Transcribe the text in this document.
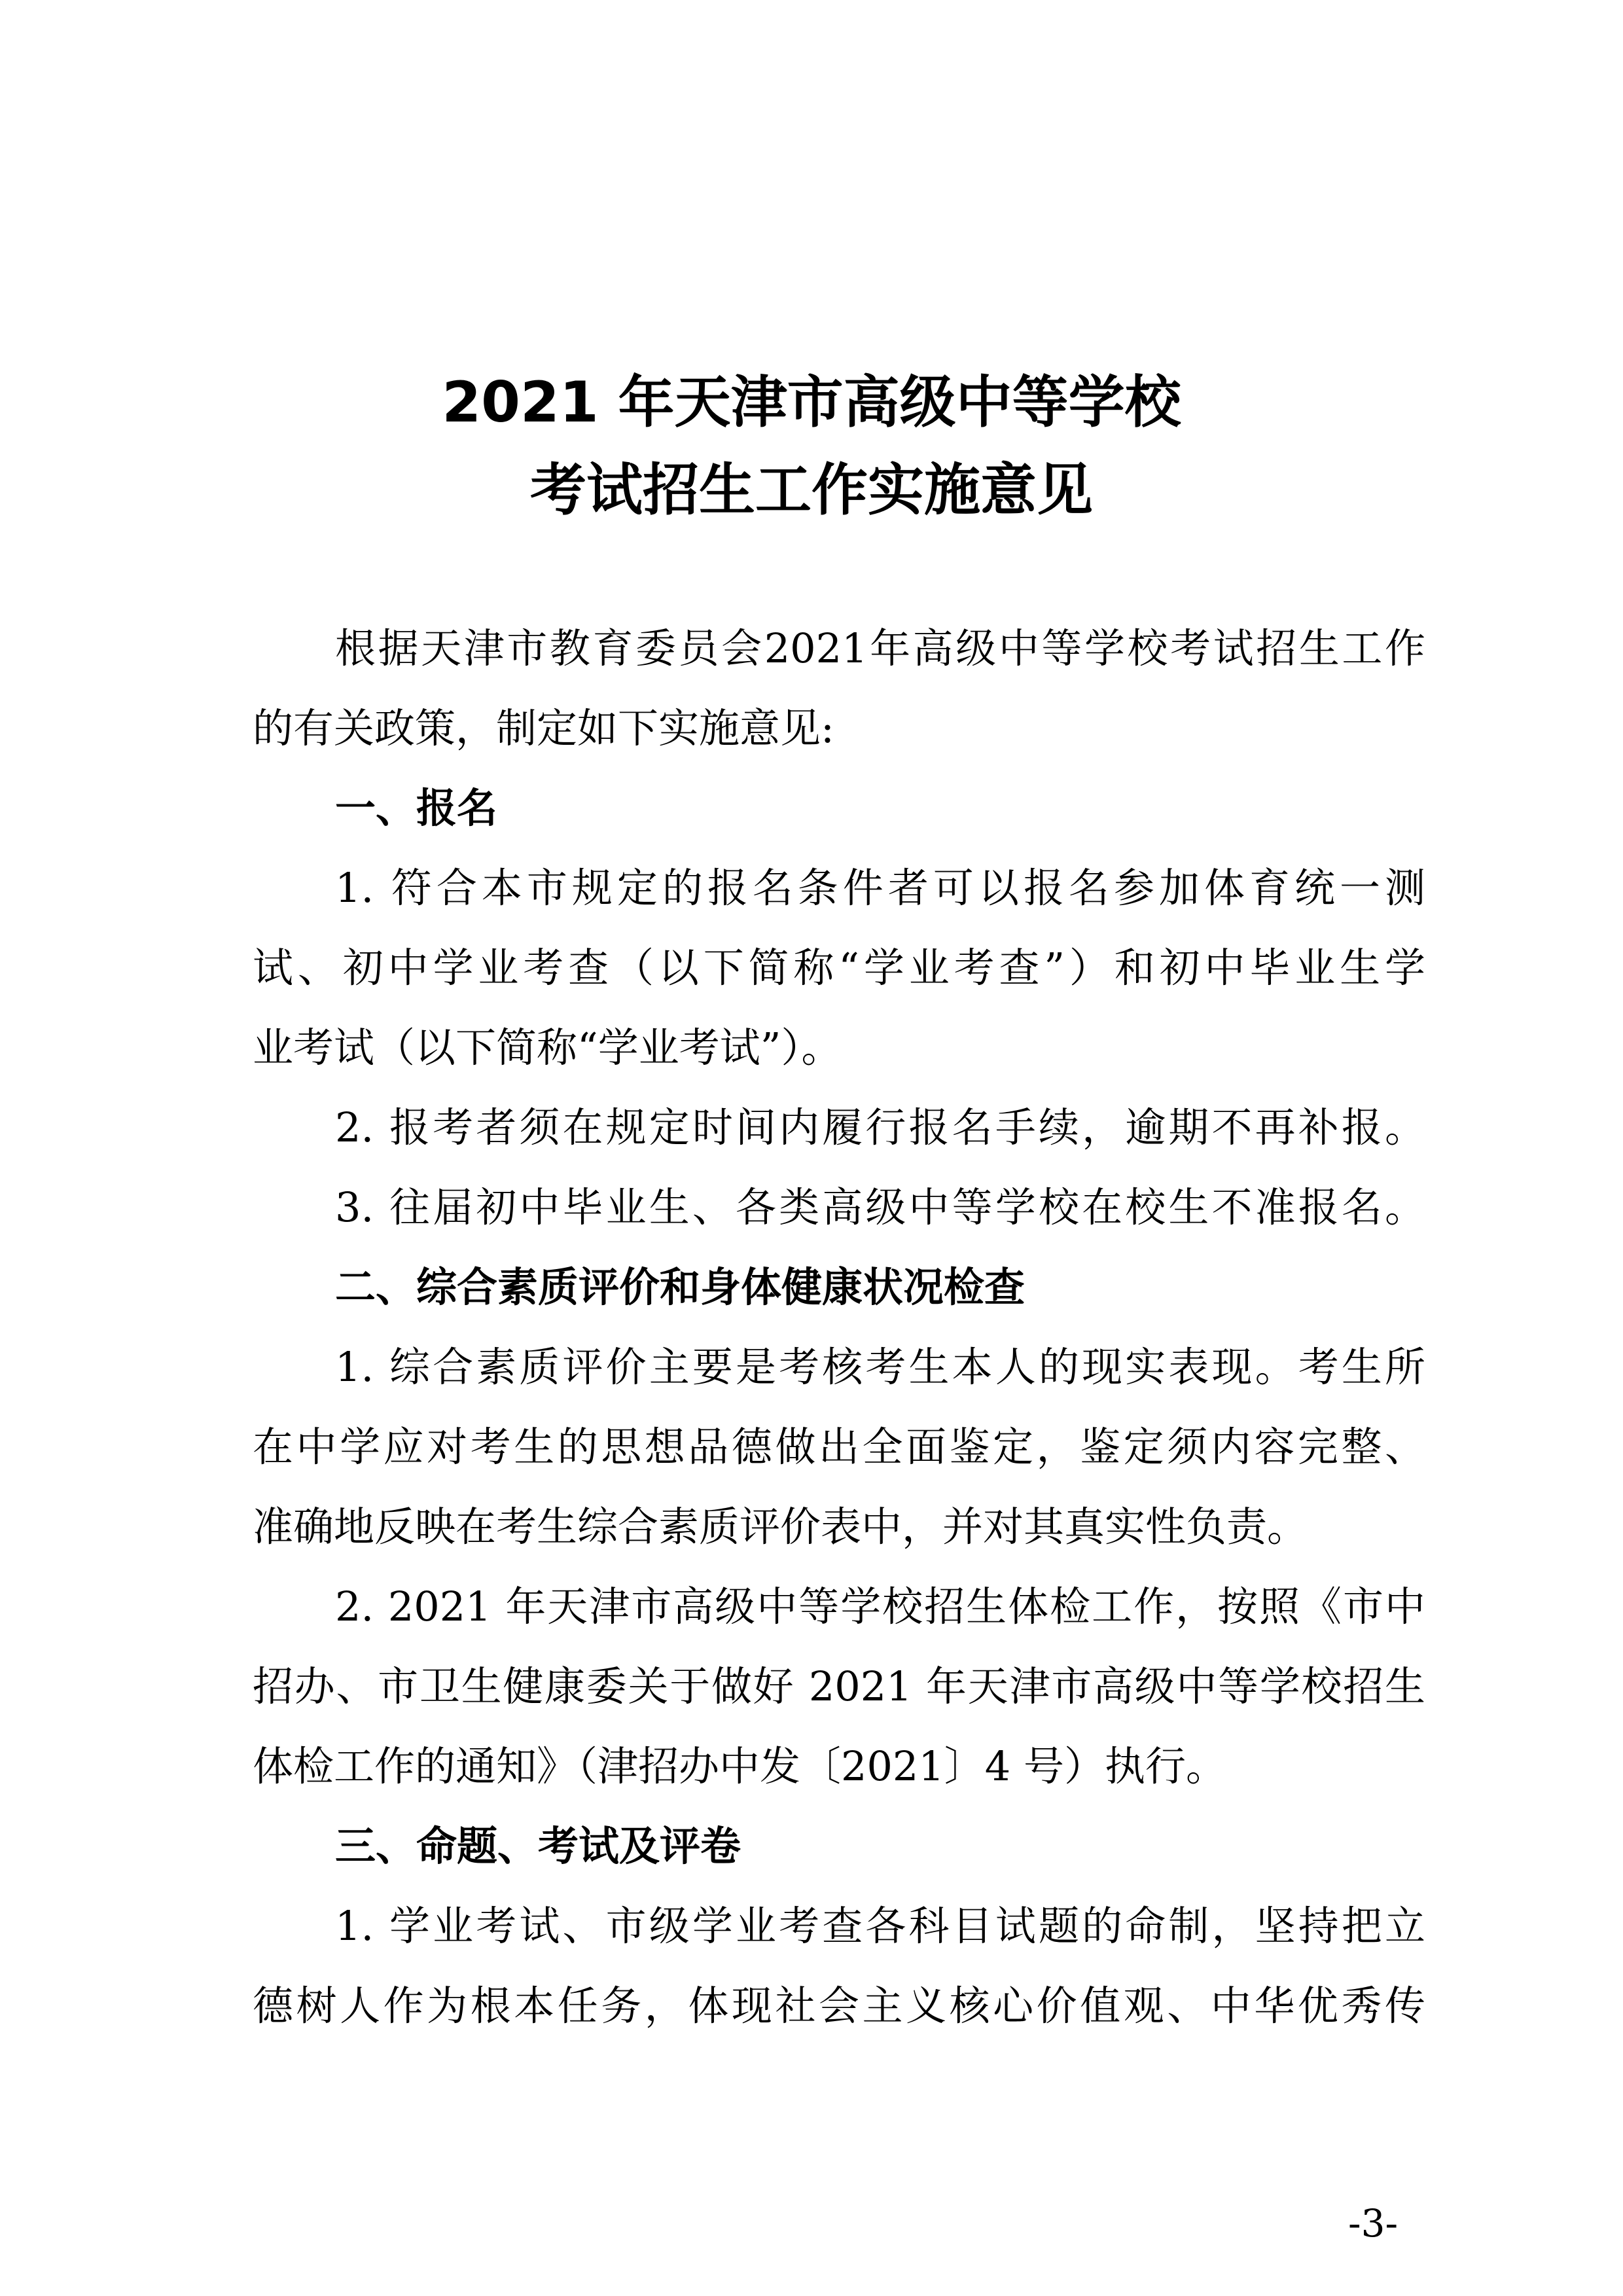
2021 年天津市高级中等学校
考试招生工作实施意见
根据天津市教育委员会2021年高级中等学校考试招生工作
的有关政策，制定如下实施意见:
一、报名
1. 符合本市规定的报名条件者可以报名参加体育统一测
试、初中学业考查（以下简称“学业考查”）和初中毕业生学
业考试（以下简称“学业考试”）。
2. 报考者须在规定时间内履行报名手续，逾期不再补报。
3. 往届初中毕业生、各类高级中等学校在校生不准报名。
二、综合素质评价和身体健康状况检查
1. 综合素质评价主要是考核考生本人的现实表现。考生所
在中学应对考生的思想品德做出全面鉴定，鉴定须内容完整、
准确地反映在考生综合素质评价表中，并对其真实性负责。
2. 2021 年天津市高级中等学校招生体检工作，按照《市中
招办、市卫生健康委关于做好 2021 年天津市高级中等学校招生
体检工作的通知》（津招办中发〔2021〕4 号）执行。
三、命题、考试及评卷
1. 学业考试、市级学业考查各科目试题的命制，坚持把立
德树人作为根本任务，体现社会主义核心价值观、中华优秀传
-3-
